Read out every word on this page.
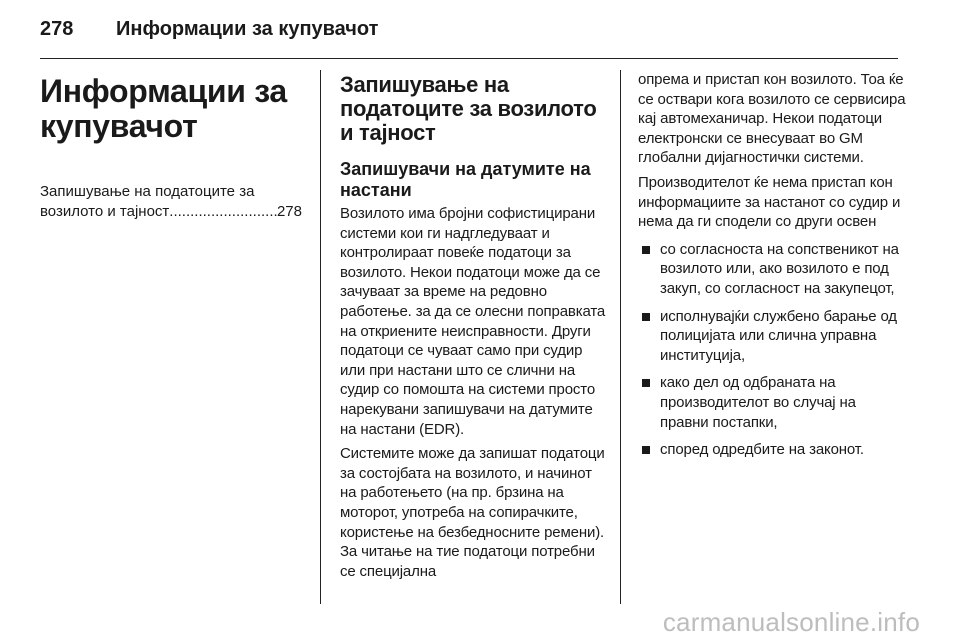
278	Информации за купувачот
Информации за
купувачот
Запишување на податоците за
возилото и тајност
.....	278
Запишување на податоците за возилото и тајност
Запишувачи на датумите на настани

Возилото има бројни софистицирани системи кои ги надгледуваат и контролираат повеќе податоци за возилото. Некои податоци може да се зачуваат за време на редовно работење. за да се олесни поправката на откриените неисправности. Други податоци се чуваат само при судир или при настани што се слични на судир со помошта на системи просто нарекувани запишувачи на датумите на настани (EDR).

Системите може да запишат податоци за состојбата на возилото, и начинот на работењето (на пр. брзина на моторот, употреба на сопирачките, користење на безбедносните ремени). За читање на тие податоци потребни се специјална

опрема и пристап кон возилото. Тоа ќе се оствари кога возилото се сервисира кај автомеханичар. Некои податоци електронски се внесуваат во GM глобални дијагностички системи.

Производителот ќе нема пристап кон информациите за настанот со судир и нема да ги сподели со други освен

со согласноста на сопственикот на возилото или, ако возилото е под закуп, со согласност на закупецот,
исполнувајќи службено барање од полицијата или слична управна институција,
како дел од одбраната на производителот во случај на правни постапки,
според одредбите на законот.
carmanualsonline.info
